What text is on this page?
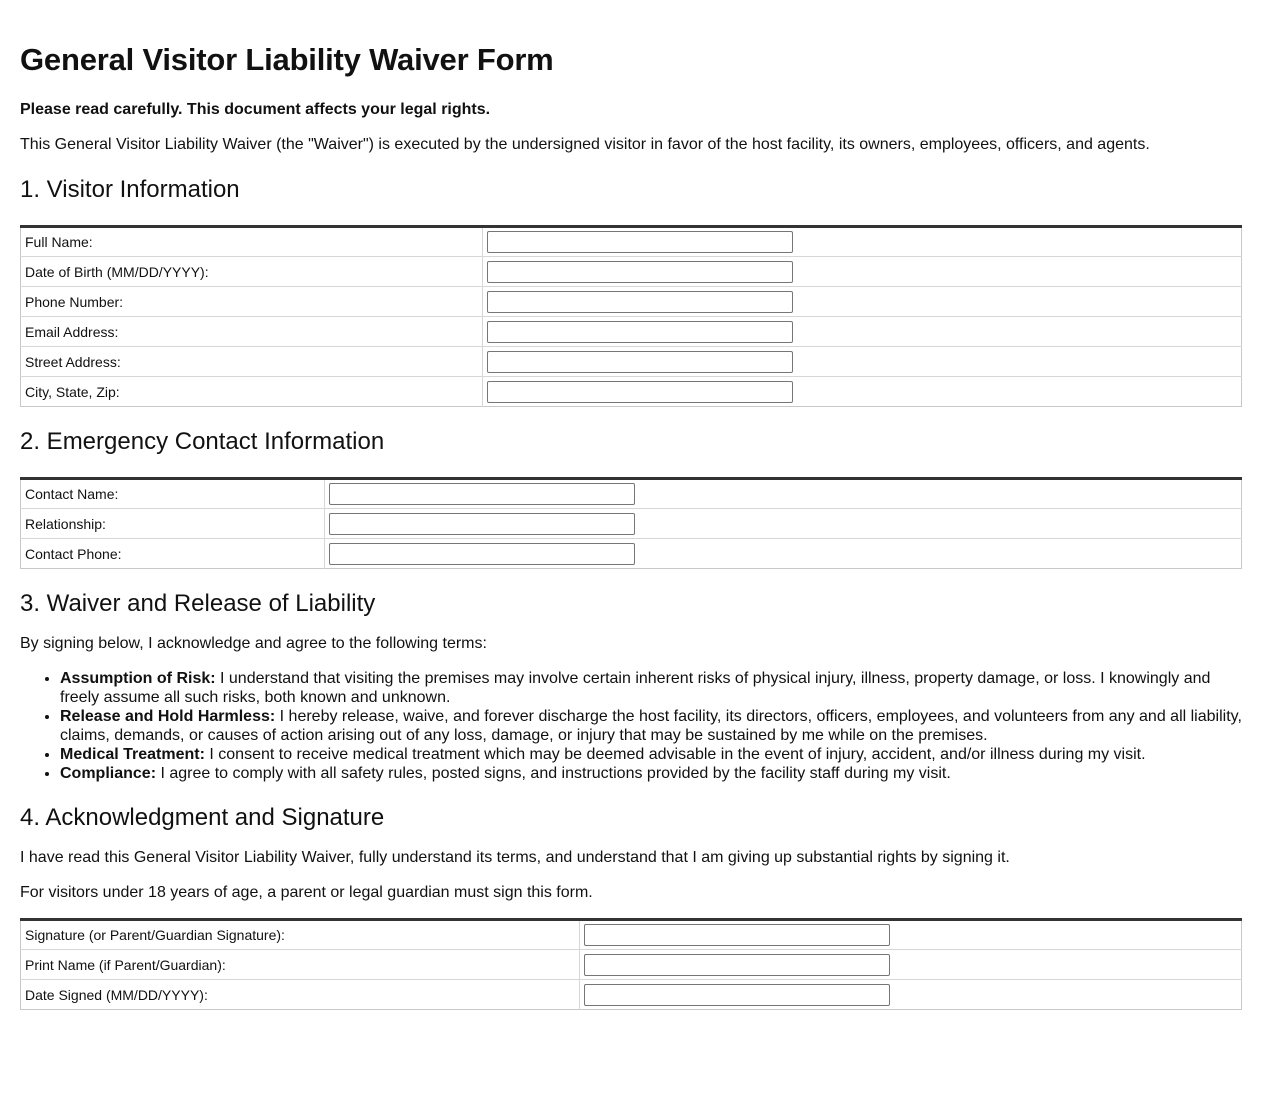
General Visitor Liability Waiver Form
Please read carefully. This document affects your legal rights.

This General Visitor Liability Waiver (the "Waiver") is executed by the undersigned visitor in favor of the host facility, its owners, employees, officers, and agents.

1. Visitor Information
Full Name:	

Date of Birth (MM/DD/YYYY):	

Phone Number:	

Email Address:	

Street Address:	

City, State, Zip:	
2. Emergency Contact Information
Contact Name:	

Relationship:	

Contact Phone:	
3. Waiver and Release of Liability

By signing below, I acknowledge and agree to the following terms:

• Assumption of Risk: I understand that visiting the premises may involve certain inherent risks of physical injury, illness, property damage, or loss. I knowingly and freely assume all such risks, both known and unknown.
• Release and Hold Harmless: I hereby release, waive, and forever discharge the host facility, its directors, officers, employees, and volunteers from any and all liability, claims, demands, or causes of action arising out of any loss, damage, or injury that may be sustained by me while on the premises.
• Medical Treatment: I consent to receive medical treatment which may be deemed advisable in the event of injury, accident, and/or illness during my visit.
• Compliance: I agree to comply with all safety rules, posted signs, and instructions provided by the facility staff during my visit.
4. Acknowledgment and Signature

I have read this General Visitor Liability Waiver, fully understand its terms, and understand that I am giving up substantial rights by signing it.

For visitors under 18 years of age, a parent or legal guardian must sign this form.

Signature (or Parent/Guardian Signature):	

Print Name (if Parent/Guardian):	

Date Signed (MM/DD/YYYY):	
